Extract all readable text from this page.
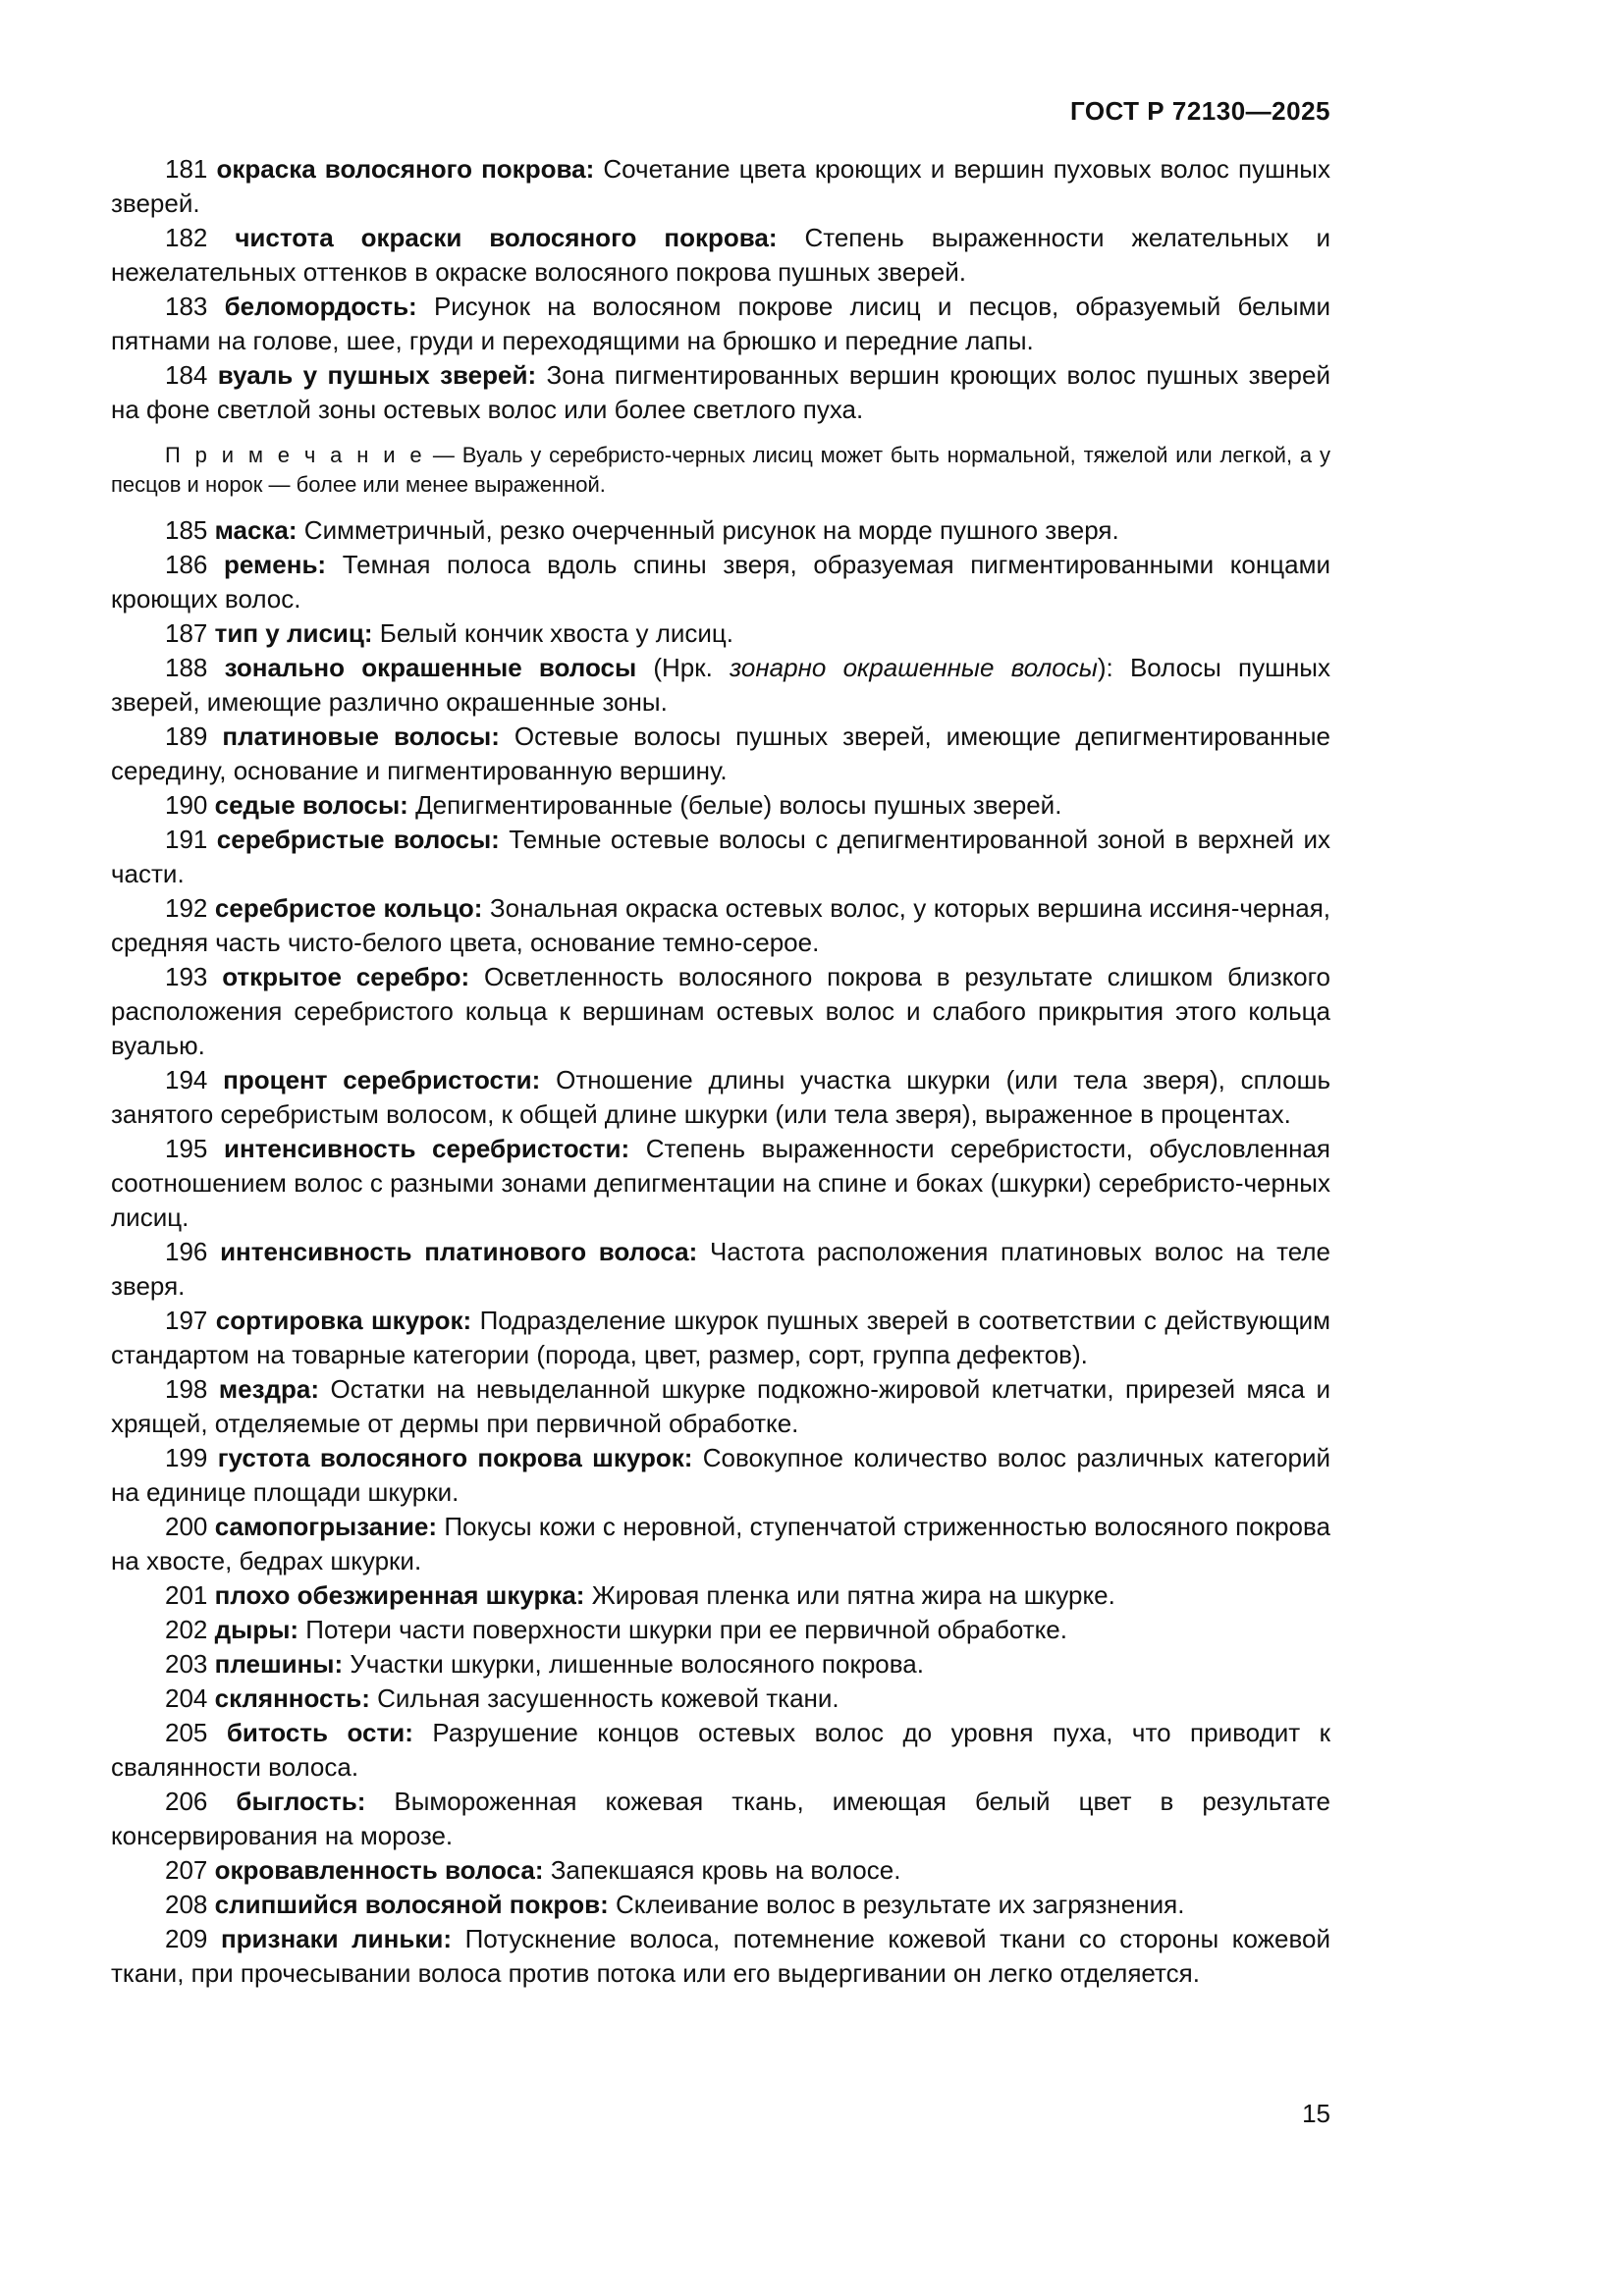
ГОСТ Р 72130—2025

181 окраска волосяного покрова: Сочетание цвета кроющих и вершин пуховых волос пушных зверей.

182 чистота окраски волосяного покрова: Степень выраженности желательных и нежелательных оттенков в окраске волосяного покрова пушных зверей.

183 беломордость: Рисунок на волосяном покрове лисиц и песцов, образуемый белыми пятнами на голове, шее, груди и переходящими на брюшко и передние лапы.

184 вуаль у пушных зверей: Зона пигментированных вершин кроющих волос пушных зверей на фоне светлой зоны остевых волос или более светлого пуха.

П р и м е ч а н и е — Вуаль у серебристо-черных лисиц может быть нормальной, тяжелой или легкой, а у песцов и норок — более или менее выраженной.

185 маска: Симметричный, резко очерченный рисунок на морде пушного зверя.

186 ремень: Темная полоса вдоль спины зверя, образуемая пигментированными концами кроющих волос.

187 тип у лисиц: Белый кончик хвоста у лисиц.

188 зонально окрашенные волосы (Нрк. зонарно окрашенные волосы): Волосы пушных зверей, имеющие различно окрашенные зоны.

189 платиновые волосы: Остевые волосы пушных зверей, имеющие депигментированные середину, основание и пигментированную вершину.

190 седые волосы: Депигментированные (белые) волосы пушных зверей.

191 серебристые волосы: Темные остевые волосы с депигментированной зоной в верхней их части.

192 серебристое кольцо: Зональная окраска остевых волос, у которых вершина иссиня-черная, средняя часть чисто-белого цвета, основание темно-серое.

193 открытое серебро: Осветленность волосяного покрова в результате слишком близкого расположения серебристого кольца к вершинам остевых волос и слабого прикрытия этого кольца вуалью.

194 процент серебристости: Отношение длины участка шкурки (или тела зверя), сплошь занятого серебристым волосом, к общей длине шкурки (или тела зверя), выраженное в процентах.

195 интенсивность серебристости: Степень выраженности серебристости, обусловленная соотношением волос с разными зонами депигментации на спине и боках (шкурки) серебристо-черных лисиц.

196 интенсивность платинового волоса: Частота расположения платиновых волос на теле зверя.

197 сортировка шкурок: Подразделение шкурок пушных зверей в соответствии с действующим стандартом на товарные категории (порода, цвет, размер, сорт, группа дефектов).

198 мездра: Остатки на невыделанной шкурке подкожно-жировой клетчатки, прирезей мяса и хрящей, отделяемые от дермы при первичной обработке.

199 густота волосяного покрова шкурок: Совокупное количество волос различных категорий на единице площади шкурки.

200 самопогрызание: Покусы кожи с неровной, ступенчатой стриженностью волосяного покрова на хвосте, бедрах шкурки.

201 плохо обезжиренная шкурка: Жировая пленка или пятна жира на шкурке.

202 дыры: Потери части поверхности шкурки при ее первичной обработке.

203 плешины: Участки шкурки, лишенные волосяного покрова.

204 склянность: Сильная засушенность кожевой ткани.

205 битость ости: Разрушение концов остевых волос до уровня пуха, что приводит к свалянности волоса.

206 быглость: Вымороженная кожевая ткань, имеющая белый цвет в результате консервирования на морозе.

207 окровавленность волоса: Запекшаяся кровь на волосе.

208 слипшийся волосяной покров: Склеивание волос в результате их загрязнения.

209 признаки линьки: Потускнение волоса, потемнение кожевой ткани со стороны кожевой ткани, при прочесывании волоса против потока или его выдергивании он легко отделяется.

15
